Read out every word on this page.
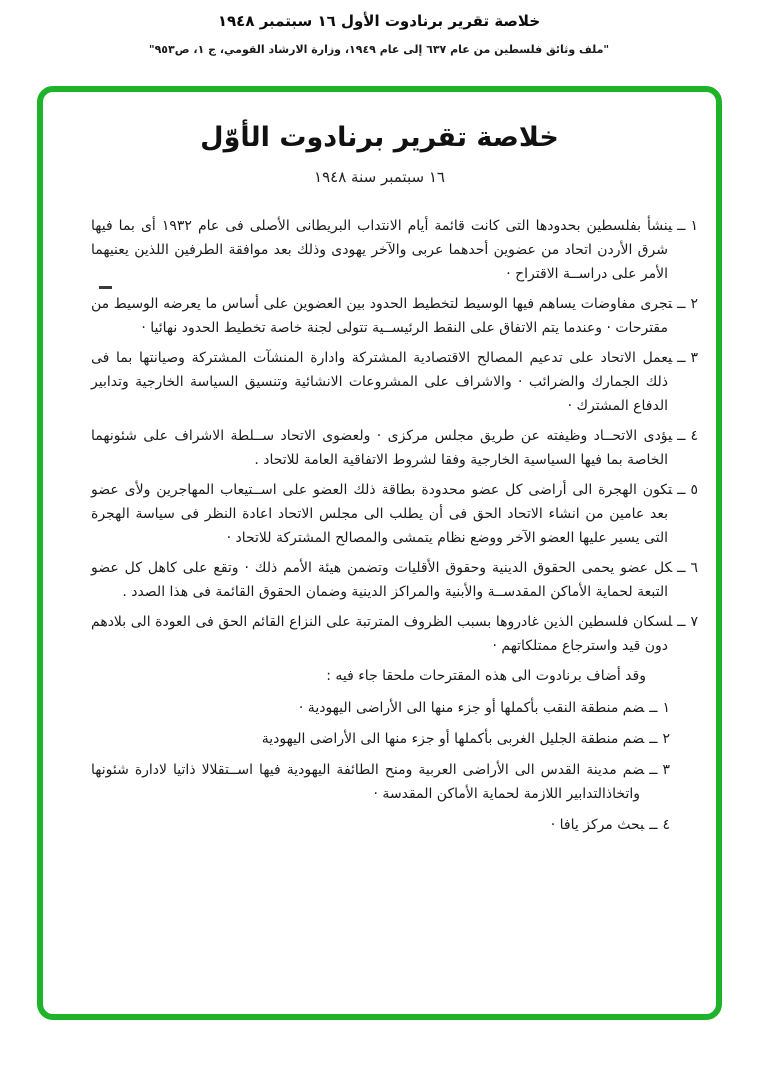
خلاصة تقرير برنادوت الأول ١٦ سبتمبر ١٩٤٨
"ملف وثائق فلسطين من عام ٦٣٧ إلى عام ١٩٤٩، وزارة الارشاد القومي، ج ١، ص٩٥٣"
خلاصة تقرير برنادوت الأوّل
١٦ سبتمبر سنة ١٩٤٨
١ــينشأ بفلسطين بحدودها التى كانت قائمة أيام الانتداب البريطانى الأصلى فى عام ١٩٣٢ أى بما فيها شرق الأردن اتحاد من عضوين أحدهما عربى والآخر يهودى وذلك بعد موافقة الطرفين اللذين يعنيهما الأمر على دراســة الاقتراح ·
٢ــتجرى مفاوضات يساهم فيها الوسيط لتخطيط الحدود بين العضوين على أساس ما يعرضه الوسيط من مقترحات · وعندما يتم الاتفاق على النقط الرئيســية تتولى لجنة خاصة تخطيط الحدود نهائيا ·
٣ــيعمل الاتحاد على تدعيم المصالح الاقتصادية المشتركة وادارة المنشآت المشتركة وصيانتها بما فى ذلك الجمارك والضرائب · والاشراف على المشروعات الانشائية وتنسيق السياسة الخارجية وتدابير الدفاع المشترك ·
٤ــيؤدى الاتحــاد وظيفته عن طريق مجلس مركزى · ولعضوى الاتحاد ســلطة الاشراف على شئونهما الخاصة بما فيها السياسية الخارجية وفقا لشروط الاتفاقية العامة للاتحاد .
٥ــتكون الهجرة الى أراضى كل عضو محدودة بطاقة ذلك العضو على اســتيعاب المهاجرين ولأى عضو بعد عامين من انشاء الاتحاد الحق فى أن يطلب الى مجلس الاتحاد اعادة النظر فى سياسة الهجرة التى يسير عليها العضو الآخر ووضع نظام يتمشى والمصالح المشتركة للاتحاد ·
٦ــكل عضو يحمى الحقوق الدينية وحقوق الأقليات وتضمن هيئة الأمم ذلك · وتقع على كاهل كل عضو التبعة لحماية الأماكن المقدســة والأبنية والمراكز الدينية وضمان الحقوق القائمة فى هذا الصدد .
٧ــلسكان فلسطين الذين غادروها بسبب الظروف المترتبة على النزاع القائم الحق فى العودة الى بلادهم دون قيد واسترجاع ممتلكاتهم ·
وقد أضاف برنادوت الى هذه المقترحات ملحقا جاء فيه :
١ــضم منطقة النقب بأكملها أو جزء منها الى الأراضى اليهودية ·
٢ــضم منطقة الجليل الغربى بأكملها أو جزء منها الى الأراضى اليهودية
٣ــضم مدينة القدس الى الأراضى العربية ومنح الطائفة اليهودية فيها اســتقلالا ذاتيا لادارة شئونها واتخاذالتدابير اللازمة لحماية الأماكن المقدسة ·
٤ــبحث مركز يافا ·
